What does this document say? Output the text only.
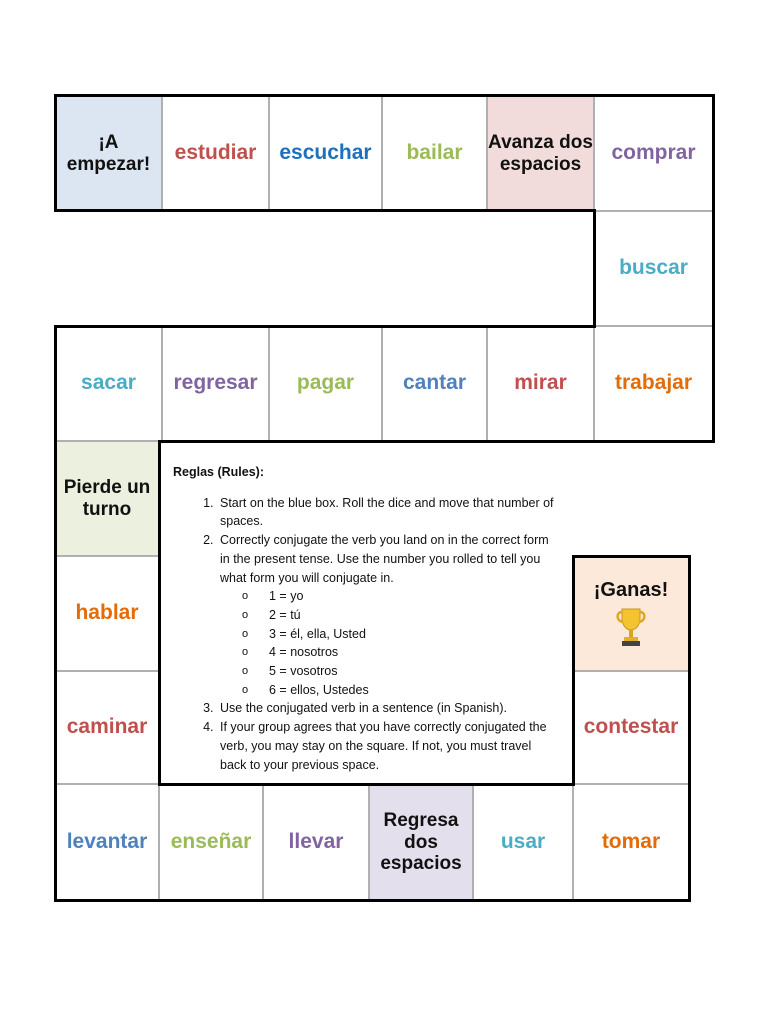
¡A empezar!	estudiar	escuchar	bailar	Avanza dos espacios	comprar
buscar
sacar	regresar	pagar	cantar	mirar	trabajar
Pierde un turno
hablar
caminar
¡Ganas!
contestar
levantar	enseñar	llevar
Regresa dos espacios
usar	tomar
Reglas (Rules):
1. Start on the blue box. Roll the dice and move that number of spaces.
2. Correctly conjugate the verb you land on in the correct form in the present tense. Use the number you rolled to tell you what form you will conjugate in.
o 1 = yo
o 2 = tú
o 3 = él, ella, Usted
o 4 = nosotros
o 5 = vosotros
o 6 = ellos, Ustedes
3. Use the conjugated verb in a sentence (in Spanish).
4. If your group agrees that you have correctly conjugated the verb, you may stay on the square. If not, you must travel back to your previous space.
